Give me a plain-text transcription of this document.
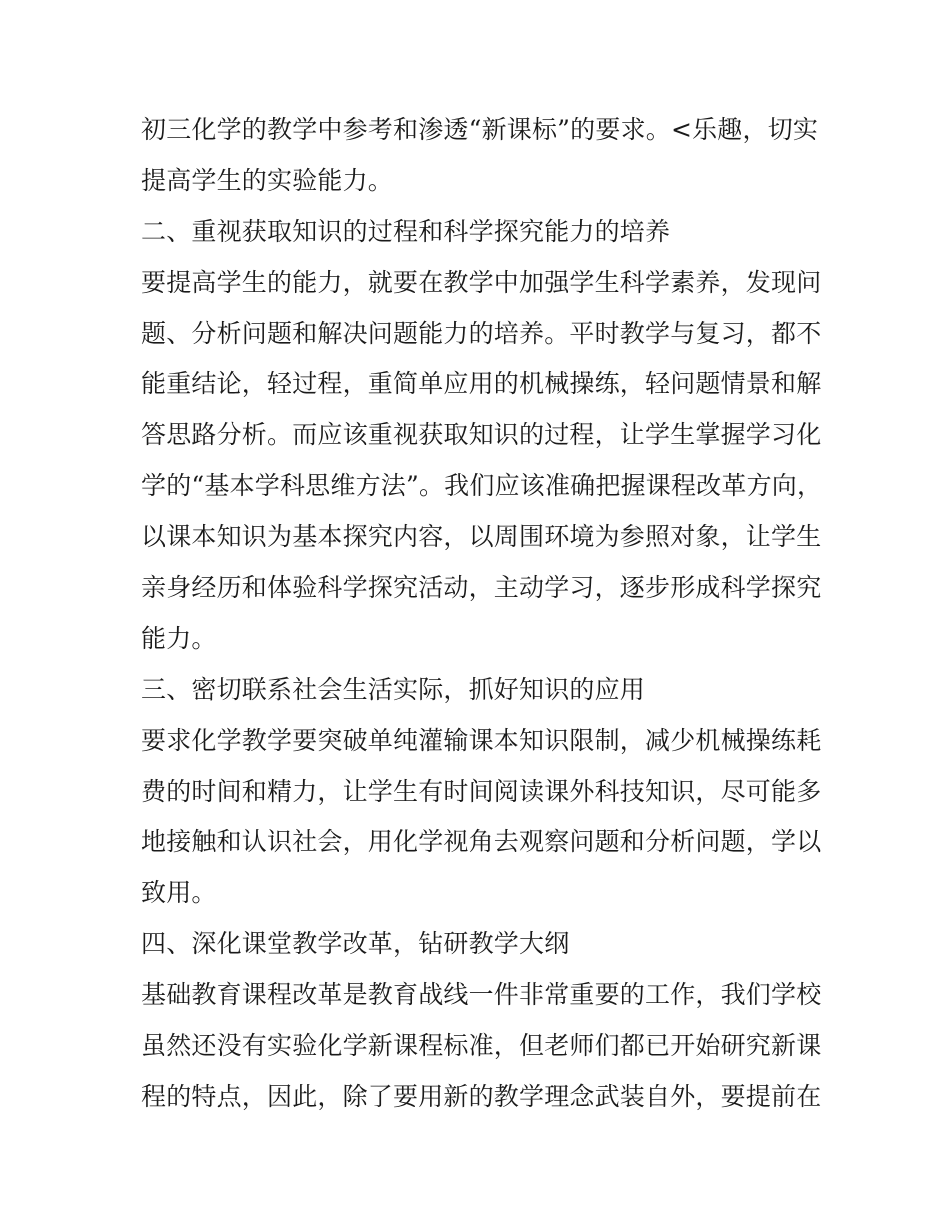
初三化学的教学中参考和渗透“新课标”的要求。<乐趣，切实
提高学生的实验能力。
二、重视获取知识的过程和科学探究能力的培养
要提高学生的能力，就要在教学中加强学生科学素养，发现问
题、分析问题和解决问题能力的培养。平时教学与复习，都不
能重结论，轻过程，重简单应用的机械操练，轻问题情景和解
答思路分析。而应该重视获取知识的过程，让学生掌握学习化
学的“基本学科思维方法”。我们应该准确把握课程改革方向，
以课本知识为基本探究内容，以周围环境为参照对象，让学生
亲身经历和体验科学探究活动，主动学习，逐步形成科学探究
能力。
三、密切联系社会生活实际，抓好知识的应用
要求化学教学要突破单纯灌输课本知识限制，减少机械操练耗
费的时间和精力，让学生有时间阅读课外科技知识，尽可能多
地接触和认识社会，用化学视角去观察问题和分析问题，学以
致用。
四、深化课堂教学改革，钻研教学大纲
基础教育课程改革是教育战线一件非常重要的工作，我们学校
虽然还没有实验化学新课程标准，但老师们都已开始研究新课
程的特点，因此，除了要用新的教学理念武装自外，要提前在
